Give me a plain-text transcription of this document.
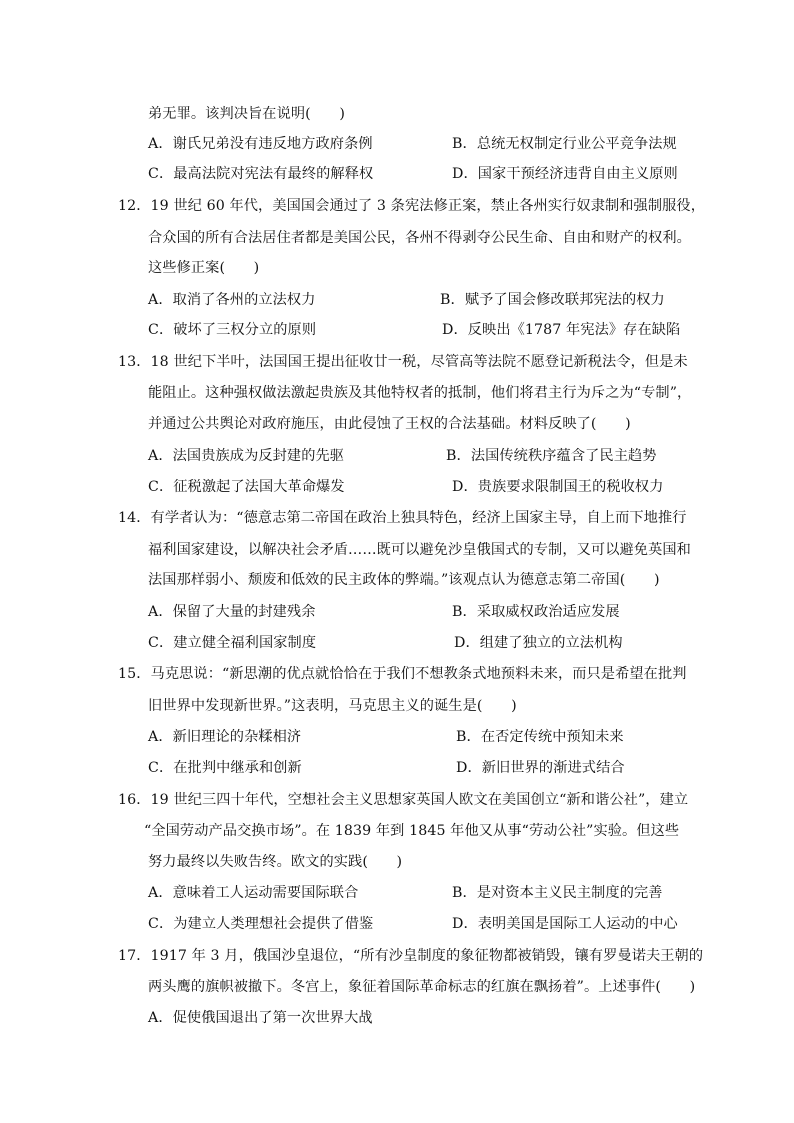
弟无罪。该判决旨在说明(　　)
A．谢氏兄弟没有违反地方政府条例	B．总统无权制定行业公平竞争法规
C．最高法院对宪法有最终的解释权	D．国家干预经济违背自由主义原则
12．19 世纪 60 年代，美国国会通过了 3 条宪法修正案，禁止各州实行奴隶制和强制服役，
合众国的所有合法居住者都是美国公民，各州不得剥夺公民生命、自由和财产的权利。
这些修正案(　　)
A．取消了各州的立法权力	B．赋予了国会修改联邦宪法的权力
C．破坏了三权分立的原则	D．反映出《1787 年宪法》存在缺陷
13．18 世纪下半叶，法国国王提出征收廿一税，尽管高等法院不愿登记新税法令，但是未
能阻止。这种强权做法激起贵族及其他特权者的抵制，他们将君主行为斥之为“专制”，
并通过公共舆论对政府施压，由此侵蚀了王权的合法基础。材料反映了(　　)
A．法国贵族成为反封建的先驱	B．法国传统秩序蕴含了民主趋势
C．征税激起了法国大革命爆发	D．贵族要求限制国王的税收权力
14．有学者认为：“德意志第二帝国在政治上独具特色，经济上国家主导，自上而下地推行
福利国家建设，以解决社会矛盾……既可以避免沙皇俄国式的专制，又可以避免英国和
法国那样弱小、颓废和低效的民主政体的弊端。”该观点认为德意志第二帝国(　　)
A．保留了大量的封建残余	B．采取威权政治适应发展
C．建立健全福利国家制度	D．组建了独立的立法机构
15．马克思说：“新思潮的优点就恰恰在于我们不想教条式地预料未来，而只是希望在批判
旧世界中发现新世界。”这表明，马克思主义的诞生是(　　)
A．新旧理论的杂糅相济	B．在否定传统中预知未来
C．在批判中继承和创新	D．新旧世界的渐进式结合
16．19 世纪三四十年代，空想社会主义思想家英国人欧文在美国创立“新和谐公社”，建立
“全国劳动产品交换市场”。在 1839 年到 1845 年他又从事“劳动公社”实验。但这些
努力最终以失败告终。欧文的实践(　　)
A．意味着工人运动需要国际联合	B．是对资本主义民主制度的完善
C．为建立人类理想社会提供了借鉴	D．表明美国是国际工人运动的中心
17．1917 年 3 月，俄国沙皇退位，“所有沙皇制度的象征物都被销毁，镶有罗曼诺夫王朝的
两头鹰的旗帜被撤下。冬宫上，象征着国际革命标志的红旗在飘扬着”。上述事件(　　)
A．促使俄国退出了第一次世界大战
